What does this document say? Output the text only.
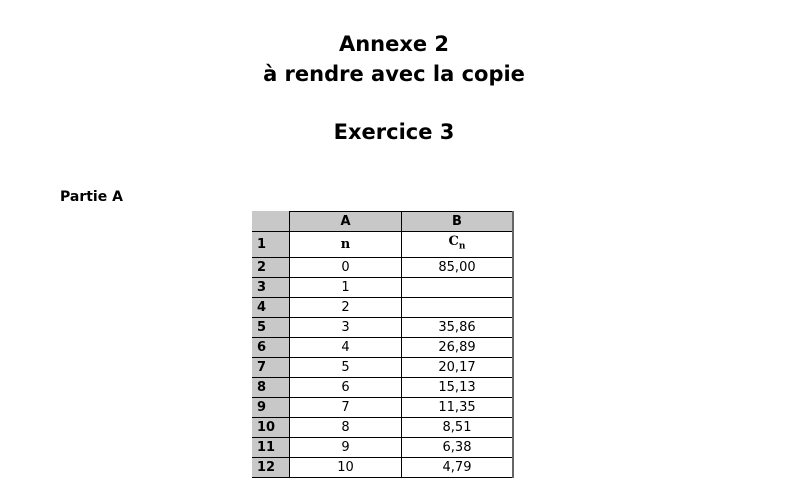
Annexe 2
à rendre avec la copie
Exercice 3
Partie A
	A	B
1	n	$C_n$
2	0	85,00
3	1	
4	2	
5	3	35,86
6	4	26,89
7	5	20,17
8	6	15,13
9	7	11,35
10	8	8,51
11	9	6,38
12	10	4,79
